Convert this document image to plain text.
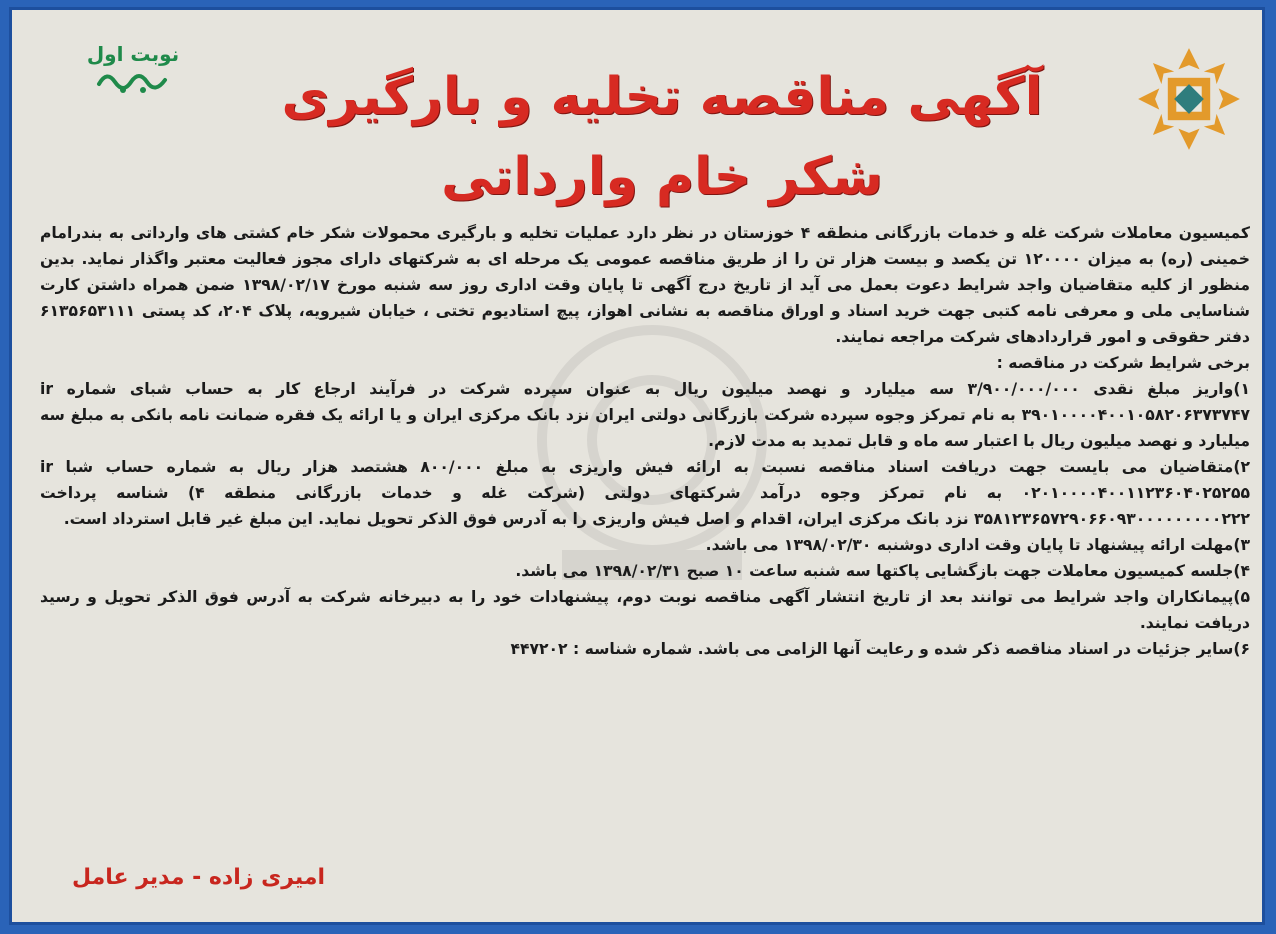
نوبت اول
آگهی مناقصه تخلیه و بارگیری
شکر خام وارداتی

کمیسیون معاملات شرکت غله و خدمات بازرگانی منطقه ۴ خوزستان در نظر دارد عملیات تخلیه و بارگیری محمولات شکر خام کشتی های وارداتی به بندرامام خمینی (ره) به میزان ۱۲۰۰۰۰ تن یکصد و بیست هزار تن را از طریق مناقصه عمومی یک مرحله ای به شرکتهای دارای مجوز فعالیت معتبر واگذار نماید. بدین منظور از کلیه متقاضیان واجد شرایط دعوت بعمل می آید از تاریخ درج آگهی تا پایان وقت اداری روز سه شنبه مورخ ۱۳۹۸/۰۲/۱۷ ضمن همراه داشتن کارت شناسایی ملی و معرفی نامه کتبی جهت خرید اسناد و اوراق مناقصه به نشانی اهواز، پیچ استادیوم تختی ، خیابان شیرویه، پلاک ۲۰۴، کد پستی ۶۱۳۵۶۵۳۱۱۱ دفتر حقوقی و امور قراردادهای شرکت مراجعه نمایند.

برخی شرایط شرکت در مناقصه :

۱)واریز مبلغ نقدی ۳/۹۰۰/۰۰۰/۰۰۰ سه میلیارد و نهصد میلیون ریال به عنوان سپرده شرکت در فرآیند ارجاع کار به حساب شبای شماره ir ۳۹۰۱۰۰۰۰۴۰۰۱۰۵۸۲۰۶۳۷۳۷۴۷ به نام تمرکز وجوه سپرده شرکت بازرگانی دولتی ایران نزد بانک مرکزی ایران و یا ارائه یک فقره ضمانت نامه بانکی به مبلغ سه میلیارد و نهصد میلیون ریال با اعتبار سه ماه و قابل تمدید به مدت لازم.

۲)متقاضیان می بایست جهت دریافت اسناد مناقصه نسبت به ارائه فیش واریزی به مبلغ ۸۰۰/۰۰۰ هشتصد هزار ریال به شماره حساب شبا ir ۰۲۰۱۰۰۰۰۴۰۰۱۱۲۳۶۰۴۰۲۵۲۵۵ به نام تمرکز وجوه درآمد شرکتهای دولتی (شرکت غله و خدمات بازرگانی منطقه ۴) شناسه پرداخت ۳۵۸۱۲۳۶۵۷۲۹۰۶۶۰۹۳۰۰۰۰۰۰۰۰۰۲۲۲ نزد بانک مرکزی ایران، اقدام و اصل فیش واریزی را به آدرس فوق الذکر تحویل نماید. این مبلغ غیر قابل استرداد است.

۳)مهلت ارائه پیشنهاد تا پایان وقت اداری دوشنبه ۱۳۹۸/۰۲/۳۰ می باشد.

۴)جلسه کمیسیون معاملات جهت بازگشایی پاکتها سه شنبه ساعت ۱۰ صبح ۱۳۹۸/۰۲/۳۱ می باشد.

۵)پیمانکاران واجد شرایط می توانند بعد از تاریخ انتشار آگهی مناقصه نوبت دوم، پیشنهادات خود را به دبیرخانه شرکت به آدرس فوق الذکر تحویل و رسید دریافت نمایند.

۶)سایر جزئیات در اسناد مناقصه ذکر شده و رعایت آنها الزامی می باشد. شماره شناسه : ۴۴۷۲۰۲

امیری زاده - مدیر عامل
